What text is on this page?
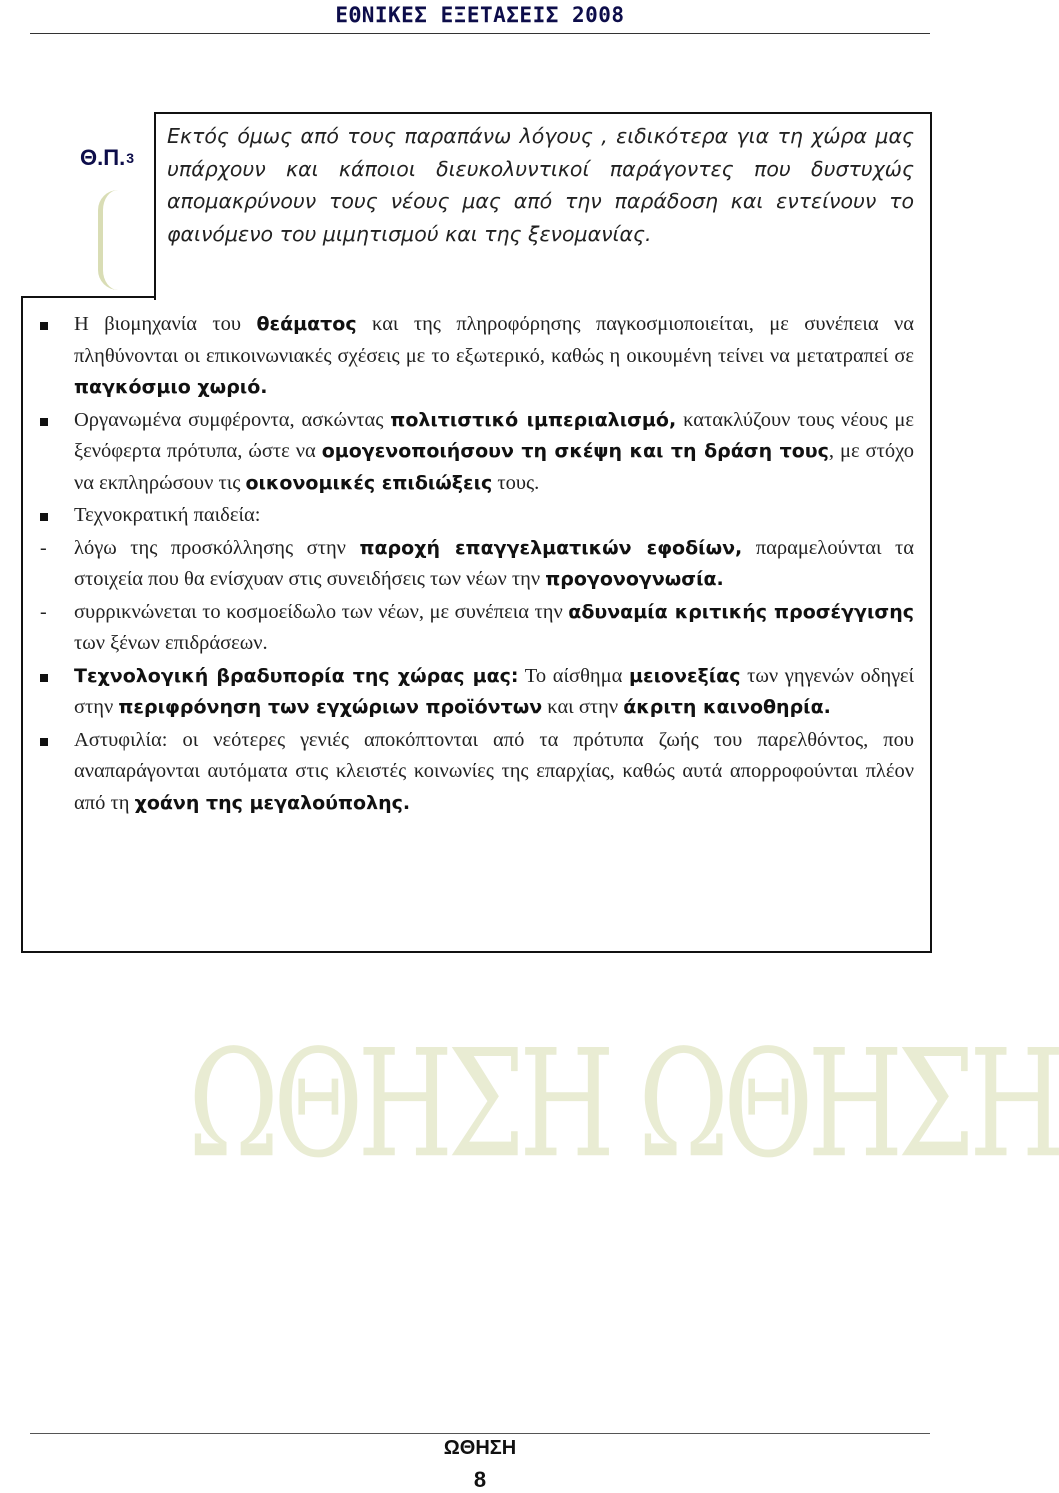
ΕΘΝΙΚΕΣ ΕΞΕΤΑΣΕΙΣ 2008
ΩΘΗΣΗ ΩΘΗΣΗ
$\Theta.\Pi._3$
Εκτός όμως από τους παραπάνω λόγους , ειδικότερα για τη χώρα μας υπάρχουν και κάποιοι διευκολυντικοί παράγοντες που δυστυχώς απομακρύνουν τους νέους μας από την παράδοση και εντείνουν το φαινόμενο του μιμητισμού και της ξενομανίας.
Η βιομηχανία του θεάματος και της πληροφόρησης παγκοσμιοποιείται, με συνέπεια να πληθύνονται οι επικοινωνιακές σχέσεις με το εξωτερικό, καθώς η οικουμένη τείνει να μετατραπεί σε παγκόσμιο χωριό.
Οργανωμένα συμφέροντα, ασκώντας πολιτιστικό ιμπεριαλισμό, κατακλύζουν τους νέους με ξενόφερτα πρότυπα, ώστε να ομογενοποιήσουν τη σκέψη και τη δράση τους, με στόχο να εκπληρώσουν τις οικονομικές επιδιώξεις τους.
Τεχνοκρατική παιδεία:
-	λόγω της προσκόλλησης στην παροχή επαγγελματικών εφοδίων, παραμελούνται τα στοιχεία που θα ενίσχυαν στις συνειδήσεις των νέων την προγονογνωσία.
-	συρρικνώνεται το κοσμοείδωλο των νέων, με συνέπεια την αδυναμία κριτικής προσέγγισης των ξένων επιδράσεων.
Τεχνολογική βραδυπορία της χώρας μας: Το αίσθημα μειονεξίας των γηγενών οδηγεί στην περιφρόνηση των εγχώριων προϊόντων και στην άκριτη καινοθηρία.
Αστυφιλία: οι νεότερες γενιές αποκόπτονται από τα πρότυπα ζωής του παρελθόντος, που αναπαράγονται αυτόματα στις κλειστές κοινωνίες της επαρχίας, καθώς αυτά απορροφούνται πλέον από τη χοάνη της μεγαλούπολης.
ΩΘΗΣΗ
8
